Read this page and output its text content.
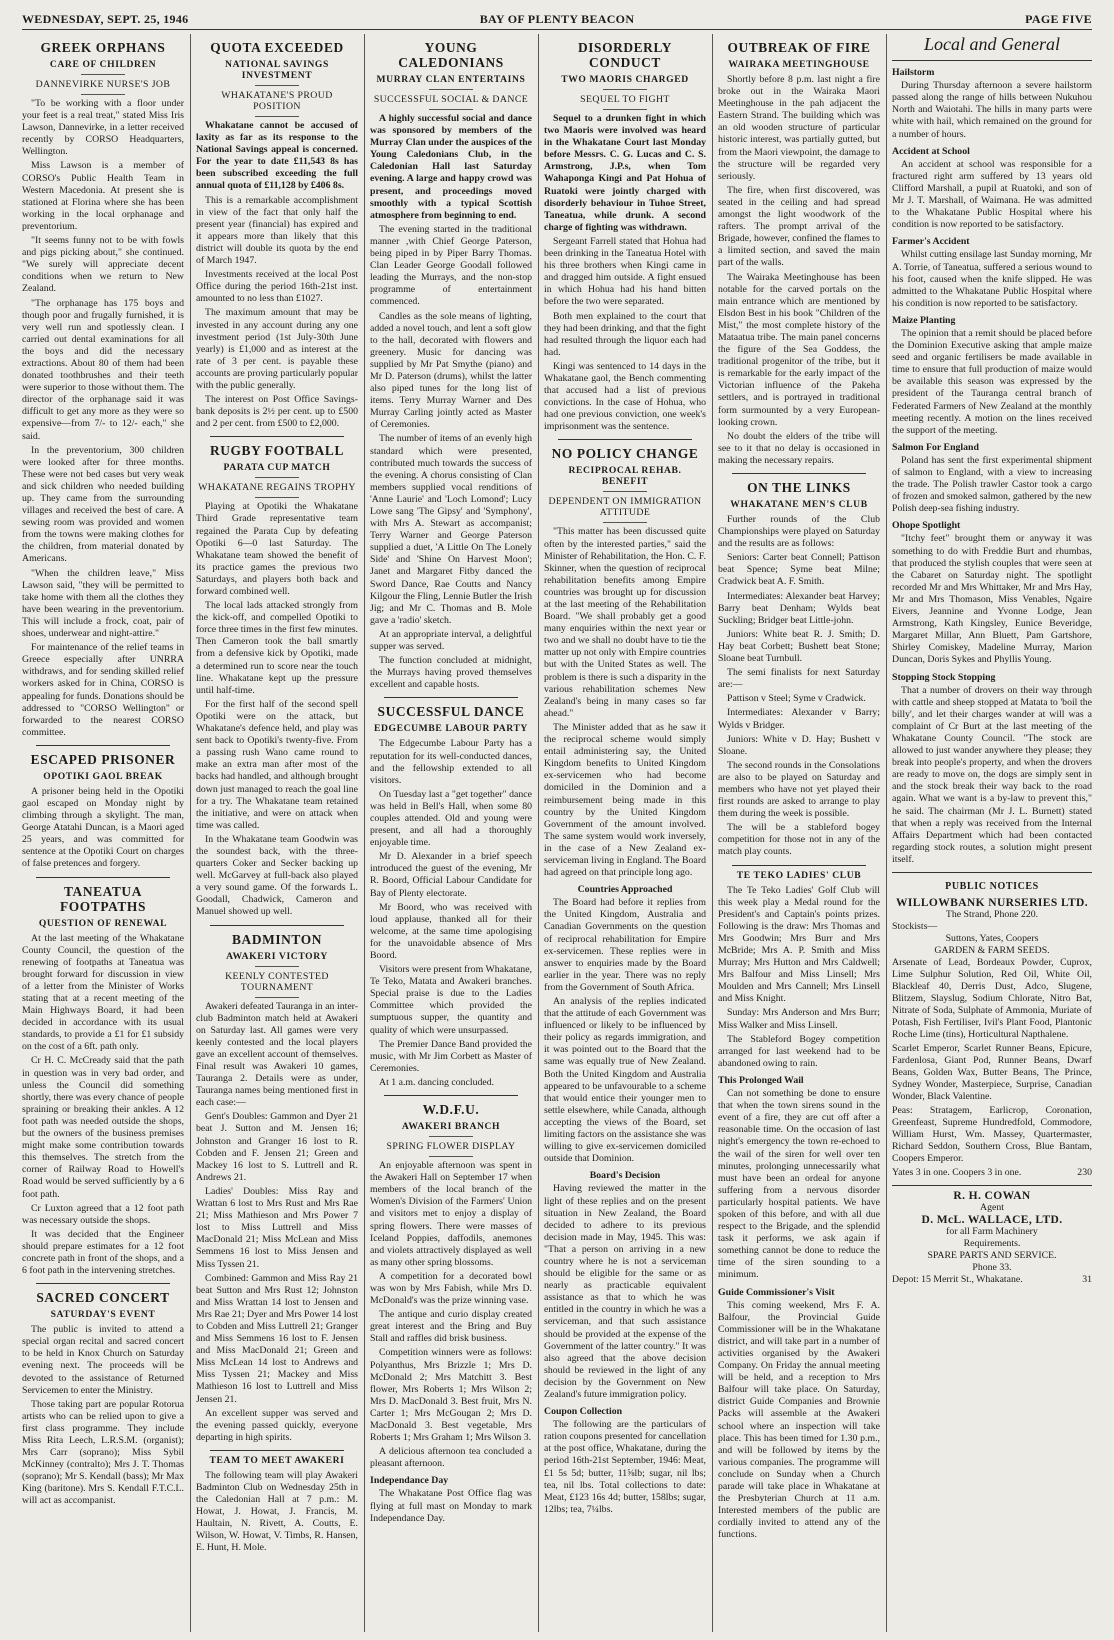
WEDNESDAY, SEPT. 25, 1946	BAY OF PLENTY BEACON	PAGE FIVE
GREEK ORPHANS
CARE OF CHILDREN
DANNEVIRKE NURSE'S JOB

"To be working with a floor under your feet is a real treat," stated Miss Iris Lawson, Dannevirke, in a letter received recently by CORSO Headquarters, Wellington.

Miss Lawson is a member of CORSO's Public Health Team in Western Macedonia. At present she is stationed at Florina where she has been working in the local orphanage and preventorium.

"It seems funny not to be with fowls and pigs picking about," she continued. "We surely will appreciate decent conditions when we return to New Zealand.

"The orphanage has 175 boys and though poor and frugally furnished, it is very well run and spotlessly clean. I carried out dental examinations for all the boys and did the necessary extractions. About 80 of them had been donated toothbrushes and their teeth were superior to those without them. The director of the orphanage said it was difficult to get any more as they were so expensive—from 7/- to 12/- each," she said.

In the preventorium, 300 children were looked after for three months. These were not bed cases but very weak and sick children who needed building up. They came from the surrounding villages and received the best of care. A sewing room was provided and women from the towns were making clothes for the children, from material donated by Americans.

"When the children leave," Miss Lawson said, "they will be permitted to take home with them all the clothes they have been wearing in the preventorium. This will include a frock, coat, pair of shoes, underwear and night-attire."

For maintenance of the relief teams in Greece especially after UNRRA withdraws, and for sending skilled relief workers asked for in China, CORSO is appealing for funds. Donations should be addressed to "CORSO Wellington" or forwarded to the nearest CORSO committee.

ESCAPED PRISONER
OPOTIKI GAOL BREAK

A prisoner being held in the Opotiki gaol escaped on Monday night by climbing through a skylight. The man, George Atatahi Duncan, is a Maori aged 25 years, and was committed for sentence at the Opotiki Court on charges of false pretences and forgery.

TANEATUA FOOTPATHS
QUESTION OF RENEWAL

At the last meeting of the Whakatane County Council, the question of the renewing of footpaths at Taneatua was brought forward for discussion in view of a letter from the Minister of Works stating that at a recent meeting of the Main Highways Board, it had been decided in accordance with its usual standards, to provide a £1 for £1 subsidy on the cost of a 6ft. path only.

Cr H. C. McCready said that the path in question was in very bad order, and unless the Council did something shortly, there was every chance of people spraining or breaking their ankles. A 12 foot path was needed outside the shops, but the owners of the business premises might make some contribution towards this themselves. The stretch from the corner of Railway Road to Howell's Road would be served sufficiently by a 6 foot path.

Cr Luxton agreed that a 12 foot path was necessary outside the shops.

It was decided that the Engineer should prepare estimates for a 12 foot concrete path in front of the shops, and a 6 foot path in the intervening stretches.

SACRED CONCERT
SATURDAY'S EVENT

The public is invited to attend a special organ recital and sacred concert to be held in Knox Church on Saturday evening next. The proceeds will be devoted to the assistance of Returned Servicemen to enter the Ministry.

Those taking part are popular Rotorua artists who can be relied upon to give a first class programme. They include Miss Rita Leech, L.R.S.M. (organist); Mrs Carr (soprano); Miss Sybil McKinney (contralto); Mrs J. T. Thomas (soprano); Mr S. Kendall (bass); Mr Max King (baritone). Mrs S. Kendall F.T.C.L. will act as accompanist.

QUOTA EXCEEDED
NATIONAL SAVINGS INVESTMENT
WHAKATANE'S PROUD POSITION

Whakatane cannot be accused of laxity as far as its response to the National Savings appeal is concerned. For the year to date £11,543 8s has been subscribed exceeding the full annual quota of £11,128 by £406 8s.

This is a remarkable accomplishment in view of the fact that only half the present year (financial) has expired and it appears more than likely that this district will double its quota by the end of March 1947.

Investments received at the local Post Office during the period 16th-21st inst. amounted to no less than £1027.

The maximum amount that may be invested in any account during any one investment period (1st July-30th June yearly) is £1,000 and as interest at the rate of 3 per cent. is payable these accounts are proving particularly popular with the public generally.

The interest on Post Office Savings-bank deposits is 2½ per cent. up to £500 and 2 per cent. from £500 to £2,000.

RUGBY FOOTBALL
PARATA CUP MATCH
WHAKATANE REGAINS TROPHY

Playing at Opotiki the Whakatane Third Grade representative team regained the Parata Cup by defeating Opotiki 6—0 last Saturday. The Whakatane team showed the benefit of its practice games the previous two Saturdays, and players both back and forward combined well.

The local lads attacked strongly from the kick-off, and compelled Opotiki to force three times in the first few minutes. Then Cameron took the ball smartly from a defensive kick by Opotiki, made a determined run to score near the touch line. Whakatane kept up the pressure until half-time.

For the first half of the second spell Opotiki were on the attack, but Whakatane's defence held, and play was sent back to Opotiki's twenty-five. From a passing rush Wano came round to make an extra man after most of the backs had handled, and although brought down just managed to reach the goal line for a try. The Whakatane team retained the initiative, and were on attack when time was called.

In the Whakatane team Goodwin was the soundest back, with the three-quarters Coker and Secker backing up well. McGarvey at full-back also played a very sound game. Of the forwards L. Goodall, Chadwick, Cameron and Manuel showed up well.

BADMINTON
AWAKERI VICTORY
KEENLY CONTESTED TOURNAMENT

Awakeri defeated Tauranga in an inter-club Badminton match held at Awakeri on Saturday last. All games were very keenly contested and the local players gave an excellent account of themselves. Final result was Awakeri 10 games, Tauranga 2. Details were as under, Tauranga names being mentioned first in each case:—

Gent's Doubles: Gammon and Dyer 21 beat J. Sutton and M. Jensen 16; Johnston and Granger 16 lost to R. Cobden and F. Jensen 21; Green and Mackey 16 lost to S. Luttrell and R. Andrews 21.

Ladies' Doubles: Miss Ray and Wrattan 6 lost to Mrs Rust and Mrs Rae 21; Miss Mathieson and Mrs Power 7 lost to Miss Luttrell and Miss MacDonald 21; Miss McLean and Miss Semmens 16 lost to Miss Jensen and Miss Tyssen 21.

Combined: Gammon and Miss Ray 21 beat Sutton and Mrs Rust 12; Johnston and Miss Wrattan 14 lost to Jensen and Mrs Rae 21; Dyer and Mrs Power 14 lost to Cobden and Miss Luttrell 21; Granger and Miss Semmens 16 lost to F. Jensen and Miss MacDonald 21; Green and Miss McLean 14 lost to Andrews and Miss Tyssen 21; Mackey and Miss Mathieson 16 lost to Luttrell and Miss Jensen 21.

An excellent supper was served and the evening passed quickly, everyone departing in high spirits.

TEAM TO MEET AWAKERI

The following team will play Awakeri Badminton Club on Wednesday 25th in the Caledonian Hall at 7 p.m.: M. Howat, J. Howat, J. Francis, M. Haultain, N. Rivett, A. Coutts, E. Wilson, W. Howat, V. Timbs, R. Hansen, E. Hunt, H. Mole.

YOUNG CALEDONIANS
MURRAY CLAN ENTERTAINS
SUCCESSFUL SOCIAL & DANCE

A highly successful social and dance was sponsored by members of the Murray Clan under the auspices of the Young Caledonians Club, in the Caledonian Hall last Saturday evening. A large and happy crowd was present, and proceedings moved smoothly with a typical Scottish atmosphere from beginning to end.

The evening started in the traditional manner ,with Chief George Paterson, being piped in by Piper Barry Thomas. Clan Leader George Goodall followed leading the Murrays, and the non-stop programme of entertainment commenced.

Candles as the sole means of lighting, added a novel touch, and lent a soft glow to the hall, decorated with flowers and greenery. Music for dancing was supplied by Mr Pat Smythe (piano) and Mr D. Paterson (drums), whilst the latter also piped tunes for the long list of items. Terry Murray Warner and Des Murray Carling jointly acted as Master of Ceremonies.

The number of items of an evenly high standard which were presented, contributed much towards the success of the evening. A chorus consisting of Clan members supplied vocal renditions of 'Anne Laurie' and 'Loch Lomond'; Lucy Lowe sang 'The Gipsy' and 'Symphony', with Mrs A. Stewart as accompanist; Terry Warner and George Paterson supplied a duet, 'A Little On The Lonely Side' and 'Shine On Harvest Moon'; Janet and Margaret Fitby danced the Sword Dance, Rae Coutts and Nancy Kilgour the Fling, Lennie Butler the Irish Jig; and Mr C. Thomas and B. Mole gave a 'radio' sketch.

At an appropriate interval, a delightful supper was served.

The function concluded at midnight, the Murrays having proved themselves excellent and capable hosts.

SUCCESSFUL DANCE
EDGECUMBE LABOUR PARTY

The Edgecumbe Labour Party has a reputation for its well-conducted dances, and the fellowship extended to all visitors.

On Tuesday last a "get together" dance was held in Bell's Hall, when some 80 couples attended. Old and young were present, and all had a thoroughly enjoyable time.

Mr D. Alexander in a brief speech introduced the guest of the evening, Mr R. Boord, Official Labour Candidate for Bay of Plenty electorate.

Mr Boord, who was received with loud applause, thanked all for their welcome, at the same time apologising for the unavoidable absence of Mrs Boord.

Visitors were present from Whakatane, Te Teko, Matata and Awakeri branches. Special praise is due to the Ladies Committee which provided the sumptuous supper, the quantity and quality of which were unsurpassed.

The Premier Dance Band provided the music, with Mr Jim Corbett as Master of Ceremonies.

At 1 a.m. dancing concluded.

W.D.F.U.
AWAKERI BRANCH
SPRING FLOWER DISPLAY

An enjoyable afternoon was spent in the Awakeri Hall on September 17 when members of the local branch of the Women's Division of the Farmers' Union and visitors met to enjoy a display of spring flowers. There were masses of Iceland Poppies, daffodils, anemones and violets attractively displayed as well as many other spring blossoms.

A competition for a decorated bowl was won by Mrs Fabish, while Mrs D. McDonald's was the prize winning vase.

The antique and curio display created great interest and the Bring and Buy Stall and raffles did brisk business.

Competition winners were as follows: Polyanthus, Mrs Brizzle 1; Mrs D. McDonald 2; Mrs Matchitt 3. Best flower, Mrs Roberts 1; Mrs Wilson 2; Mrs D. MacDonald 3. Best fruit, Mrs N. Carter 1; Mrs McGougan 2; Mrs D. MacDonald 3. Best vegetable, Mrs Roberts 1; Mrs Graham 1; Mrs Wilson 3.

A delicious afternoon tea concluded a pleasant afternoon.

Independance Day

The Whakatane Post Office flag was flying at full mast on Monday to mark Independance Day.

DISORDERLY CONDUCT
TWO MAORIS CHARGED
SEQUEL TO FIGHT

Sequel to a drunken fight in which two Maoris were involved was heard in the Whakatane Court last Monday before Messrs. C. G. Lucas and C. S. Armstrong, J.P.s, when Tom Wahaponga Kingi and Pat Hohua of Ruatoki were jointly charged with disorderly behaviour in Tuhoe Street, Taneatua, while drunk. A second charge of fighting was withdrawn.

Sergeant Farrell stated that Hohua had been drinking in the Taneatua Hotel with his three brothers when Kingi came in and dragged him outside. A fight ensued in which Hohua had his hand bitten before the two were separated.

Both men explained to the court that they had been drinking, and that the fight had resulted through the liquor each had had.

Kingi was sentenced to 14 days in the Whakatane gaol, the Bench commenting that accused had a list of previous convictions. In the case of Hohua, who had one previous conviction, one week's imprisonment was the sentence.

NO POLICY CHANGE
RECIPROCAL REHAB. BENEFIT
DEPENDENT ON IMMIGRATION ATTITUDE

"This matter has been discussed quite often by the interested parties," said the Minister of Rehabilitation, the Hon. C. F. Skinner, when the question of reciprocal rehabilitation benefits among Empire countries was brought up for discussion at the last meeting of the Rehabilitation Board. "We shall probably get a good many enquiries within the next year or two and we shall no doubt have to tie the matter up not only with Empire countries but with the United States as well. The problem is there is such a disparity in the various rehabilitation schemes New Zealand's being in many cases so far ahead."

The Minister added that as he saw it the reciprocal scheme would simply entail administering say, the United Kingdom benefits to United Kingdom ex-servicemen who had become domiciled in the Dominion and a reimbursement being made in this country by the United Kingdom Government of the amount involved. The same system would work inversely, in the case of a New Zealand ex-serviceman living in England. The Board had agreed on that principle long ago.

Countries Approached

The Board had before it replies from the United Kingdom, Australia and Canadian Governments on the question of reciprocal rehabilitation for Empire ex-servicemen. These replies were in answer to enquiries made by the Board earlier in the year. There was no reply from the Government of South Africa.

An analysis of the replies indicated that the attitude of each Government was influenced or likely to be influenced by their policy as regards immigration, and it was pointed out to the Board that the same was equally true of New Zealand. Both the United Kingdom and Australia appeared to be unfavourable to a scheme that would entice their younger men to settle elsewhere, while Canada, although accepting the views of the Board, set limiting factors on the assistance she was willing to give ex-servicemen domiciled outside that Dominion.

Board's Decision

Having reviewed the matter in the light of these replies and on the present situation in New Zealand, the Board decided to adhere to its previous decision made in May, 1945. This was: "That a person on arriving in a new country where he is not a serviceman should be eligible for the same or as nearly as practicable equivalent assistance as that to which he was entitled in the country in which he was a serviceman, and that such assistance should be provided at the expense of the Government of the latter country." It was also agreed that the above decision should be reviewed in the light of any decision by the Government on New Zealand's future immigration policy.

Coupon Collection

The following are the particulars of ration coupons presented for cancellation at the post office, Whakatane, during the period 16th-21st September, 1946: Meat, £1 5s 5d; butter, 11⅝lb; sugar, nil lbs; tea, nil lbs. Total collections to date: Meat, £123 16s 4d; butter, 158lbs; sugar, 12lbs; tea, 7¼lbs.

OUTBREAK OF FIRE
WAIRAKA MEETINGHOUSE

Shortly before 8 p.m. last night a fire broke out in the Wairaka Maori Meetinghouse in the pah adjacent the Eastern Strand. The building which was an old wooden structure of particular historic interest, was partially gutted, but from the Maori viewpoint, the damage to the structure will be regarded very seriously.

The fire, when first discovered, was seated in the ceiling and had spread amongst the light woodwork of the rafters. The prompt arrival of the Brigade, however, confined the flames to a limited section, and saved the main part of the walls.

The Wairaka Meetinghouse has been notable for the carved portals on the main entrance which are mentioned by Elsdon Best in his book "Children of the Mist," the most complete history of the Mataatua tribe. The main panel concerns the figure of the Sea Goddess, the traditional progenitor of the tribe, but it is remarkable for the early impact of the Victorian influence of the Pakeha settlers, and is portrayed in traditional form surmounted by a very European-looking crown.

No doubt the elders of the tribe will see to it that no delay is occasioned in making the necessary repairs.

ON THE LINKS
WHAKATANE MEN'S CLUB

Further rounds of the Club Championships were played on Saturday and the results are as follows:

Seniors: Carter beat Connell; Pattison beat Spence; Syme beat Milne; Cradwick beat A. F. Smith.

Intermediates: Alexander beat Harvey; Barry beat Denham; Wylds beat Suckling; Bridger beat Little-john.

Juniors: White beat R. J. Smith; D. Hay beat Corbett; Bushett beat Stone; Sloane beat Turnbull.

The semi finalists for next Saturday are:—

Pattison v Steel; Syme v Cradwick.

Intermediates: Alexander v Barry; Wylds v Bridger.

Juniors: White v D. Hay; Bushett v Sloane.

The second rounds in the Consolations are also to be played on Saturday and members who have not yet played their first rounds are asked to arrange to play them during the week is possible.

The will be a stableford bogey competition for those not in any of the match play counts.

TE TEKO LADIES' CLUB

The Te Teko Ladies' Golf Club will this week play a Medal round for the President's and Captain's points prizes. Following is the draw: Mrs Thomas and Mrs Goodwin; Mrs Burr and Mrs McBride; Mrs A. P. Smith and Miss Murray; Mrs Hutton and Mrs Caldwell; Mrs Balfour and Miss Linsell; Mrs Moulden and Mrs Cannell; Mrs Linsell and Miss Knight.

Sunday: Mrs Anderson and Mrs Burr; Miss Walker and Miss Linsell.

The Stableford Bogey competition arranged for last weekend had to be abandoned owing to rain.

This Prolonged Wail

Can not something be done to ensure that when the town sirens sound in the event of a fire, they are cut off after a reasonable time. On the occasion of last night's emergency the town re-echoed to the wail of the siren for well over ten minutes, prolonging unnecessarily what must have been an ordeal for anyone suffering from a nervous disorder particularly hospital patients. We have spoken of this before, and with all due respect to the Brigade, and the splendid task it performs, we ask again if something cannot be done to reduce the time of the siren sounding to a minimum.

Guide Commissioner's Visit

This coming weekend, Mrs F. A. Balfour, the Provincial Guide Commissioner will be in the Whakatane district, and will take part in a number of activities organised by the Awakeri Company. On Friday the annual meeting will be held, and a reception to Mrs Balfour will take place. On Saturday, district Guide Companies and Brownie Packs will assemble at the Awakeri school where an inspection will take place. This has been timed for 1.30 p.m., and will be followed by items by the various companies. The programme will conclude on Sunday when a Church parade will take place in Whakatane at the Presbyterian Church at 11 a.m. Interested members of the public are cordially invited to attend any of the functions.

Local and General
Hailstorm

During Thursday afternoon a severe hailstorm passed along the range of hills between Nukuhou North and Waiotahi. The hills in many parts were white with hail, which remained on the ground for a number of hours.

Accident at School

An accident at school was responsible for a fractured right arm suffered by 13 years old Clifford Marshall, a pupil at Ruatoki, and son of Mr J. T. Marshall, of Waimana. He was admitted to the Whakatane Public Hospital where his condition is now reported to be satisfactory.

Farmer's Accident

Whilst cutting ensilage last Sunday morning, Mr A. Torrie, of Taneatua, suffered a serious wound to his foot, caused when the knife slipped. He was admitted to the Whakatane Public Hospital where his condition is now reported to be satisfactory.

Maize Planting

The opinion that a remit should be placed before the Dominion Executive asking that ample maize seed and organic fertilisers be made available in time to ensure that full production of maize would be available this season was expressed by the president of the Tauranga central branch of Federated Farmers of New Zealand at the monthly meeting recently. A motion on the lines received the support of the meeting.

Salmon For England

Poland has sent the first experimental shipment of salmon to England, with a view to increasing the trade. The Polish trawler Castor took a cargo of frozen and smoked salmon, gathered by the new Polish deep-sea fishing industry.

Ohope Spotlight

"Itchy feet" brought them or anyway it was something to do with Freddie Burt and rhumbas, that produced the stylish couples that were seen at the Cabaret on Saturday night. The spotlight recorded Mr and Mrs Whittaker, Mr and Mrs Hay, Mr and Mrs Thomason, Miss Venables, Ngaire Eivers, Jeannine and Yvonne Lodge, Jean Armstrong, Kath Kingsley, Eunice Beveridge, Margaret Millar, Ann Bluett, Pam Gartshore, Shirley Comiskey, Madeline Murray, Marion Duncan, Doris Sykes and Phyllis Young.

Stopping Stock Stopping

That a number of drovers on their way through with cattle and sheep stopped at Matata to 'boil the billy', and let their charges wander at will was a complaint of Cr Burt at the last meeting of the Whakatane County Council. "The stock are allowed to just wander anywhere they please; they break into people's property, and when the drovers are ready to move on, the dogs are simply sent in and the stock break their way back to the road again. What we want is a by-law to prevent this," he said. The chairman (Mr J. L. Burnett) stated that when a reply was received from the Internal Affairs Department which had been contacted regarding stock routes, a solution might present itself.

PUBLIC NOTICES
WILLOWBANK NURSERIES LTD.
The Strand, Phone 220.
Stockists—
Suttons, Yates, Coopers
GARDEN & FARM SEEDS.

Arsenate of Lead, Bordeaux Powder, Cuprox, Lime Sulphur Solution, Red Oil, White Oil, Blackleaf 40, Derris Dust, Adco, Slugene, Blitzem, Slayslug, Sodium Chlorate, Nitro Bat, Nitrate of Soda, Sulphate of Ammonia, Muriate of Potash, Fish Fertiliser, Ivil's Plant Food, Plantonic Roche Lime (tins), Horticultural Napthalene.

Scarlet Emperor, Scarlet Runner Beans, Epicure, Fardenlosa, Giant Pod, Runner Beans, Dwarf Beans, Golden Wax, Butter Beans, The Prince, Sydney Wonder, Masterpiece, Surprise, Canadian Wonder, Black Valentine.

Peas: Stratagem, Earlicrop, Coronation, Greenfeast, Supreme Hundredfold, Commodore, William Hurst, Wm. Massey, Quartermaster, Richard Seddon, Southern Cross, Blue Bantam, Coopers Emperor.

Yates 3 in one. Coopers 3 in one.	230
R. H. COWAN
Agent
D. McL. WALLACE, LTD.
for all Farm Machinery
Requirements.
SPARE PARTS AND SERVICE.
Phone 33.
Depot: 15 Merrit St., Whakatane.	31
